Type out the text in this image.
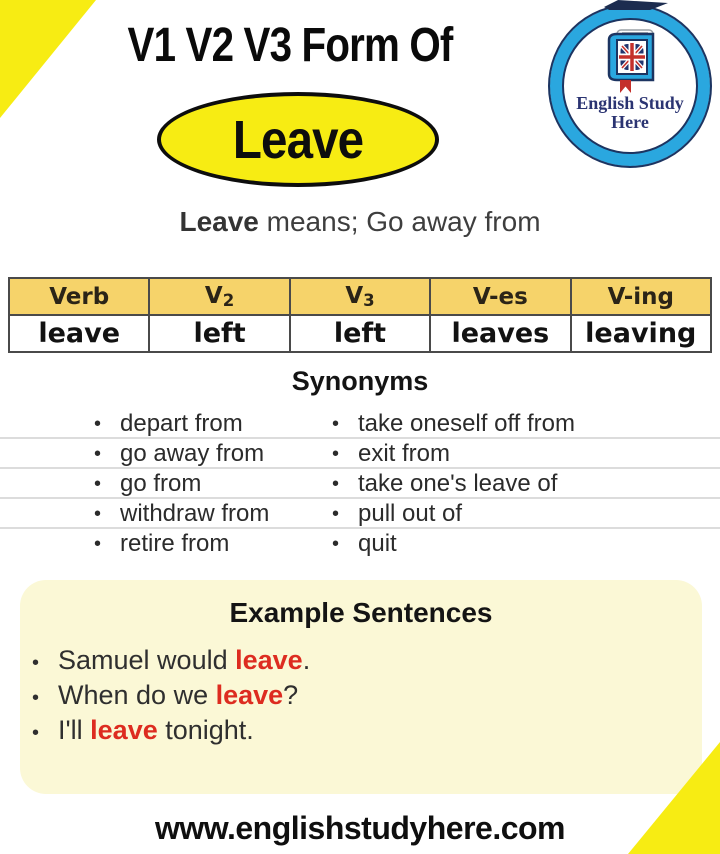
V1 V2 V3 Form Of
Leave
English Study
Here
Leave means; Go away from
Verb	V2	V3	V-es	V-ing
leave	left	left	leaves	leaving
Synonyms
• depart from
• go away from
• go from
• withdraw from
• retire from
• take oneself off from
• exit from
• take one's leave of
• pull out of
• quit
Example Sentences
• Samuel would leave.
• When do we leave?
• I'll leave tonight.
www.englishstudyhere.com
